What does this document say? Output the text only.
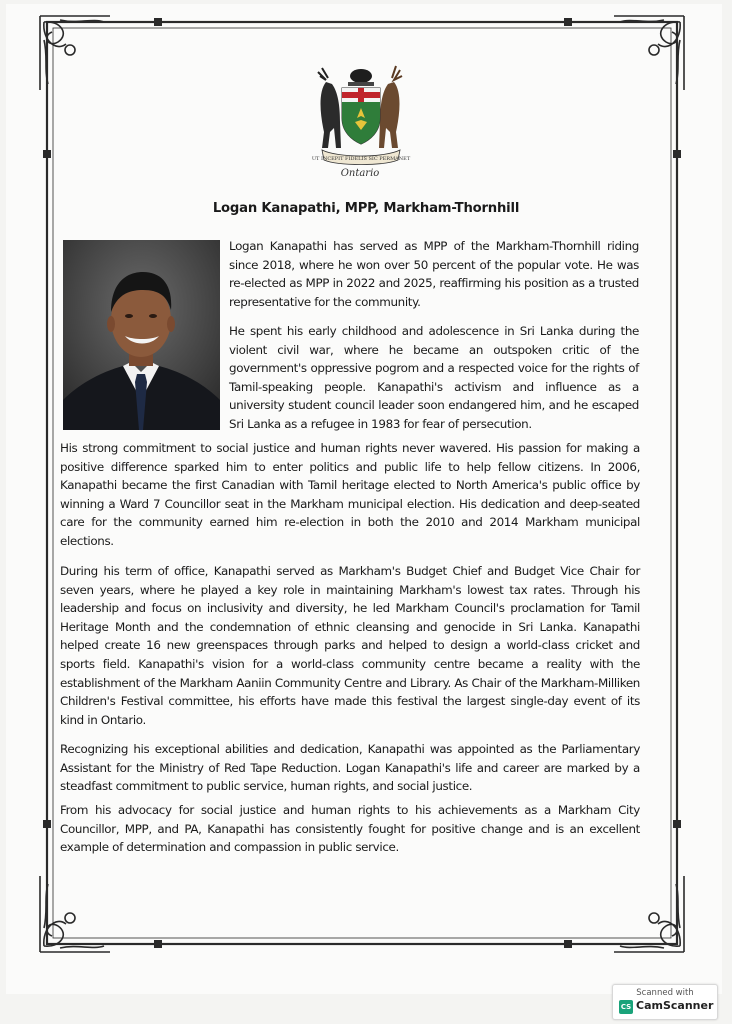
UT INCEPIT FIDELIS SIC PERMANET
Ontario
Logan Kanapathi, MPP, Markham-Thornhill
Logan Kanapathi has served as MPP of the Markham-Thornhill riding since 2018, where he won over 50 percent of the popular vote. He was re-elected as MPP in 2022 and 2025, reaffirming his position as a trusted representative for the community.
He spent his early childhood and adolescence in Sri Lanka during the violent civil war, where he became an outspoken critic of the government's oppressive pogrom and a respected voice for the rights of Tamil-speaking people. Kanapathi's activism and influence as a university student council leader soon endangered him, and he escaped Sri Lanka as a refugee in 1983 for fear of persecution.
His strong commitment to social justice and human rights never wavered. His passion for making a positive difference sparked him to enter politics and public life to help fellow citizens. In 2006, Kanapathi became the first Canadian with Tamil heritage elected to North America's public office by winning a Ward 7 Councillor seat in the Markham municipal election. His dedication and deep-seated care for the community earned him re-election in both the 2010 and 2014 Markham municipal elections.
During his term of office, Kanapathi served as Markham's Budget Chief and Budget Vice Chair for seven years, where he played a key role in maintaining Markham's lowest tax rates. Through his leadership and focus on inclusivity and diversity, he led Markham Council's proclamation for Tamil Heritage Month and the condemnation of ethnic cleansing and genocide in Sri Lanka. Kanapathi helped create 16 new greenspaces through parks and helped to design a world-class cricket and sports field. Kanapathi's vision for a world-class community centre became a reality with the establishment of the Markham Aaniin Community Centre and Library. As Chair of the Markham-Milliken Children's Festival committee, his efforts have made this festival the largest single-day event of its kind in Ontario.
Recognizing his exceptional abilities and dedication, Kanapathi was appointed as the Parliamentary Assistant for the Ministry of Red Tape Reduction. Logan Kanapathi's life and career are marked by a steadfast commitment to public service, human rights, and social justice.
From his advocacy for social justice and human rights to his achievements as a Markham City Councillor, MPP, and PA, Kanapathi has consistently fought for positive change and is an excellent example of determination and compassion in public service.
Scanned with
CS CamScanner
